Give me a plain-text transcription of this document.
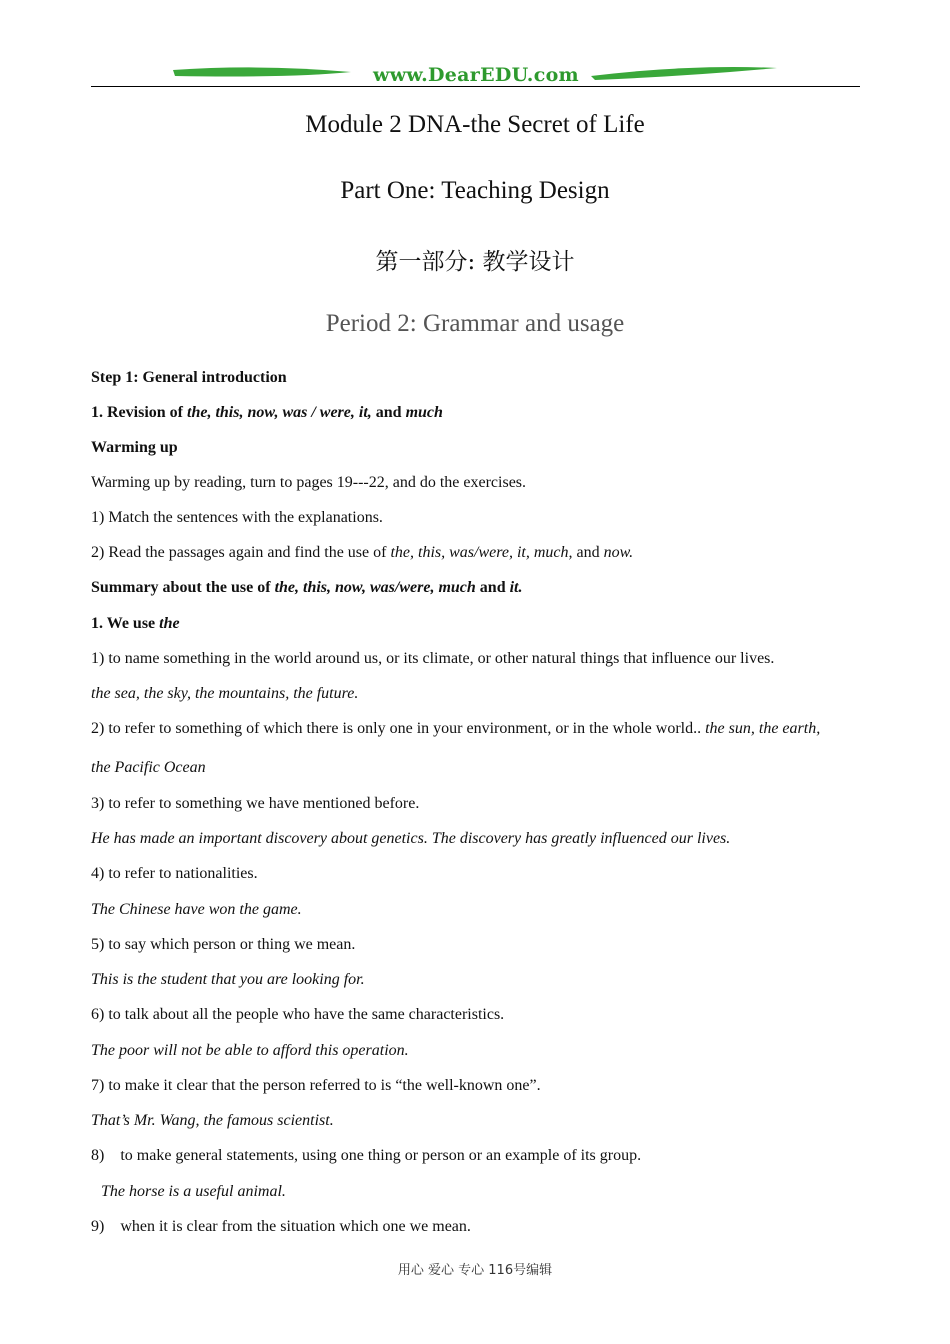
www.DearEDU.com
Module 2 DNA-the Secret of Life
Part One: Teaching Design
第一部分: 教学设计
Period 2: Grammar and usage
Step 1: General introduction
1. Revision of the, this, now, was / were, it, and much
Warming up
Warming up by reading, turn to pages 19---22, and do the exercises.
1) Match the sentences with the explanations.
2) Read the passages again and find the use of the, this, was/were, it, much, and now.
Summary about the use of the, this, now, was/were, much and it.
1. We use the
1) to name something in the world around us, or its climate, or other natural things that influence our lives.
the sea, the sky, the mountains, the future.
2) to refer to something of which there is only one in your environment, or in the whole world.. the sun, the earth,
the Pacific Ocean
3) to refer to something we have mentioned before.
He has made an important discovery about genetics. The discovery has greatly influenced our lives.
4) to refer to nationalities.
The Chinese have won the game.
5) to say which person or thing we mean.
This is the student that you are looking for.
6) to talk about all the people who have the same characteristics.
The poor will not be able to afford this operation.
7) to make it clear that the person referred to is “the well-known one”.
That’s Mr. Wang, the famous scientist.
8)    to make general statements, using one thing or person or an example of its group.
The horse is a useful animal.
9)    when it is clear from the situation which one we mean.
用心 爱心 专心 116号编辑
